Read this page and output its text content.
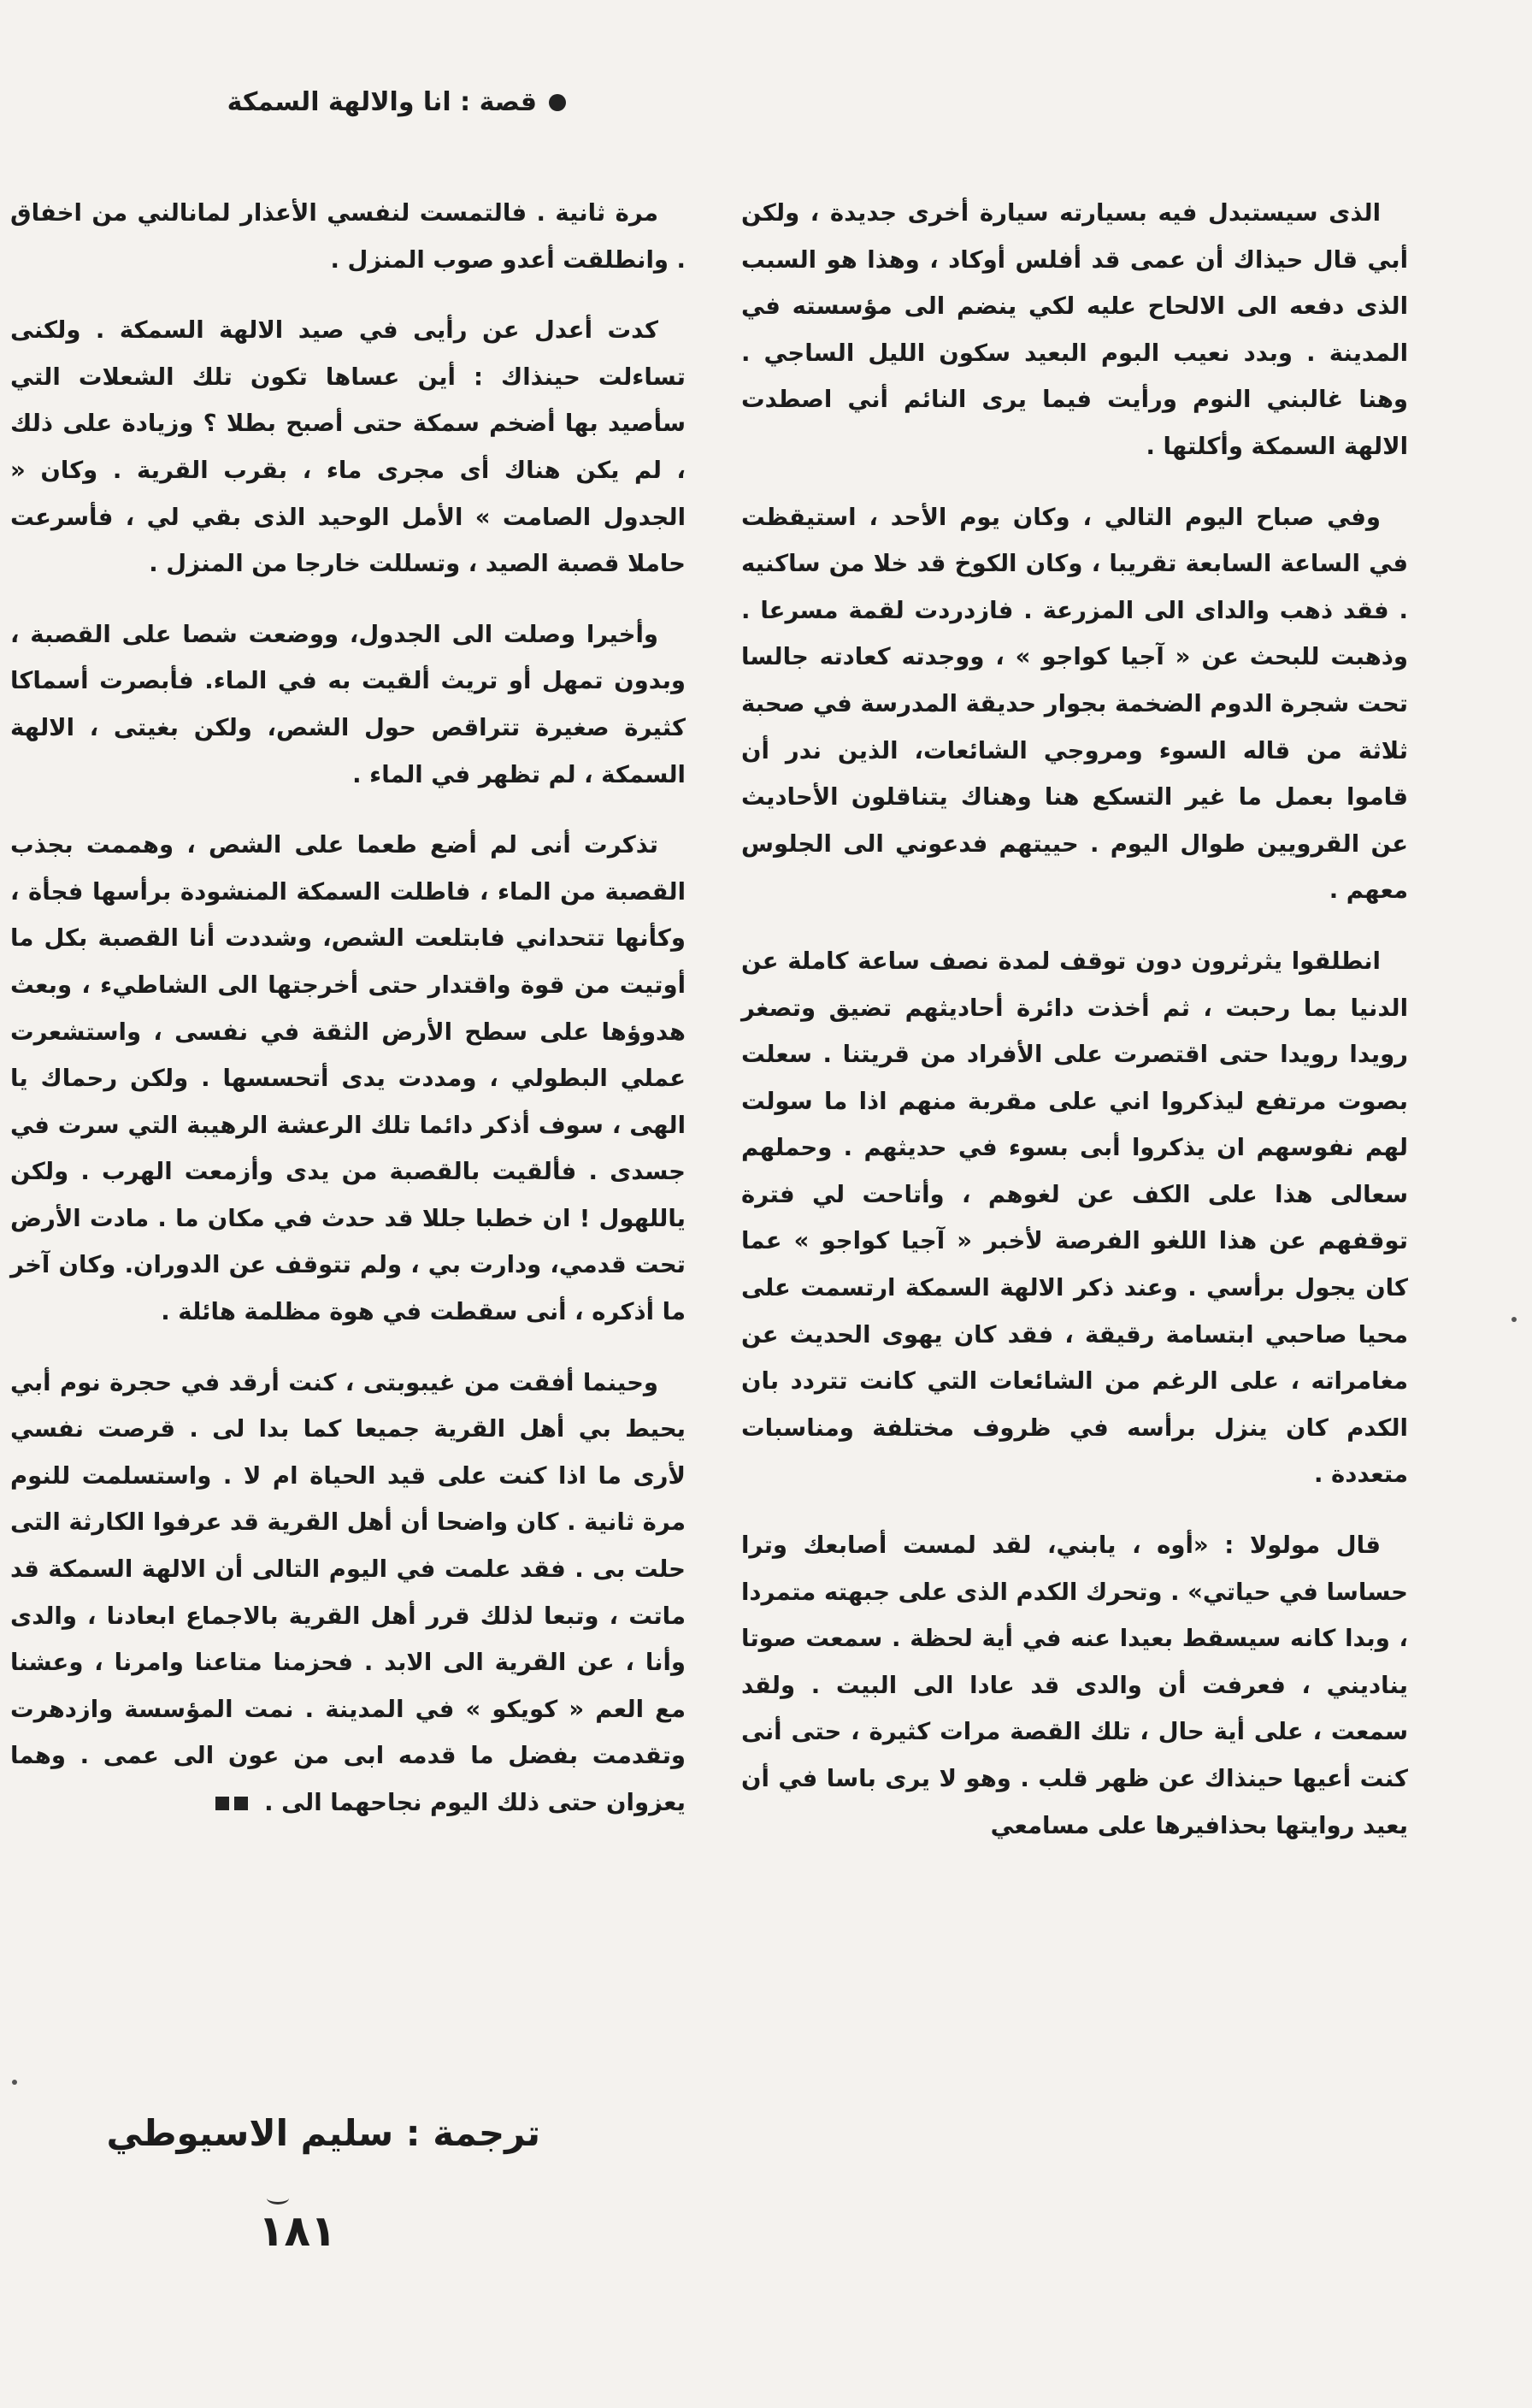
قصة : انا والالهة السمكة

الذى سيستبدل فيه بسيارته سيارة أخرى جديدة ، ولكن أبي قال حيذاك أن عمى قد أفلس أوكاد ، وهذا هو السبب الذى دفعه الى الالحاح عليه لكي ينضم الى مؤسسته في المدينة . وبدد نعيب البوم البعيد سكون الليل الساجي . وهنا غالبني النوم ورأيت فيما يرى النائم أني اصطدت الالهة السمكة وأكلتها .

وفي صباح اليوم التالي ، وكان يوم الأحد ، استيقظت في الساعة السابعة تقريبا ، وكان الكوخ قد خلا من ساكنيه . فقد ذهب والداى الى المزرعة . فازدردت لقمة مسرعا . وذهبت للبحث عن « آجيا كواجو » ، ووجدته كعادته جالسا تحت شجرة الدوم الضخمة بجوار حديقة المدرسة في صحبة ثلاثة من قاله السوء ومروجي الشائعات، الذين ندر أن قاموا بعمل ما غير التسكع هنا وهناك يتناقلون الأحاديث عن القرويين طوال اليوم . حييتهم فدعوني الى الجلوس معهم .

انطلقوا يثرثرون دون توقف لمدة نصف ساعة كاملة عن الدنيا بما رحبت ، ثم أخذت دائرة أحاديثهم تضيق وتصغر رويدا رويدا حتى اقتصرت على الأفراد من قريتنا . سعلت بصوت مرتفع ليذكروا اني على مقربة منهم اذا ما سولت لهم نفوسهم ان يذكروا أبى بسوء في حديثهم . وحملهم سعالى هذا على الكف عن لغوهم ، وأتاحت لي فترة توقفهم عن هذا اللغو الفرصة لأخبر « آجيا كواجو » عما كان يجول برأسي . وعند ذكر الالهة السمكة ارتسمت على محيا صاحبي ابتسامة رقيقة ، فقد كان يهوى الحديث عن مغامراته ، على الرغم من الشائعات التي كانت تتردد بان الكدم كان ينزل برأسه في ظروف مختلفة ومناسبات متعددة .

قال مولولا : «أوه ، يابني، لقد لمست أصابعك وترا حساسا في حياتي» . وتحرك الكدم الذى على جبهته متمردا ، وبدا كانه سيسقط بعيدا عنه في أية لحظة . سمعت صوتا يناديني ، فعرفت أن والدى قد عادا الى البيت . ولقد سمعت ، على أية حال ، تلك القصة مرات كثيرة ، حتى أنى كنت أعيها حينذاك عن ظهر قلب . وهو لا يرى باسا في أن يعيد روايتها بحذافيرها على مسامعي

مرة ثانية . فالتمست لنفسي الأعذار لمانالني من اخفاق . وانطلقت أعدو صوب المنزل .

كدت أعدل عن رأيى في صيد الالهة السمكة . ولكنى تساءلت حينذاك : أين عساها تكون تلك الشعلات التي سأصيد بها أضخم سمكة حتى أصبح بطلا ؟ وزيادة على ذلك ، لم يكن هناك أى مجرى ماء ، بقرب القرية . وكان « الجدول الصامت » الأمل الوحيد الذى بقي لي ، فأسرعت حاملا قصبة الصيد ، وتسللت خارجا من المنزل .

وأخيرا وصلت الى الجدول، ووضعت شصا على القصبة ، وبدون تمهل أو تريث ألقيت به في الماء. فأبصرت أسماكا كثيرة صغيرة تتراقص حول الشص، ولكن بغيتى ، الالهة السمكة ، لم تظهر في الماء .

تذكرت أنى لم أضع طعما على الشص ، وهممت بجذب القصبة من الماء ، فاطلت السمكة المنشودة برأسها فجأة ، وكأنها تتحداني فابتلعت الشص، وشددت أنا القصبة بكل ما أوتيت من قوة واقتدار حتى أخرجتها الى الشاطيء ، وبعث هدوؤها على سطح الأرض الثقة في نفسى ، واستشعرت عملي البطولي ، ومددت يدى أتحسسها . ولكن رحماك يا الهى ، سوف أذكر دائما تلك الرعشة الرهيبة التي سرت في جسدى . فألقيت بالقصبة من يدى وأزمعت الهرب . ولكن ياللهول ! ان خطبا جللا قد حدث في مكان ما . مادت الأرض تحت قدمي، ودارت بي ، ولم تتوقف عن الدوران. وكان آخر ما أذكره ، أنى سقطت في هوة مظلمة هائلة .

وحينما أفقت من غيبوبتى ، كنت أرقد في حجرة نوم أبي يحيط بي أهل القرية جميعا كما بدا لى . قرصت نفسي لأرى ما اذا كنت على قيد الحياة ام لا . واستسلمت للنوم مرة ثانية . كان واضحا أن أهل القرية قد عرفوا الكارثة التى حلت بى . فقد علمت في اليوم التالى أن الالهة السمكة قد ماتت ، وتبعا لذلك قرر أهل القرية بالاجماع ابعادنا ، والدى وأنا ، عن القرية الى الابد . فحزمنا متاعنا وامرنا ، وعشنا مع العم « كويكو » في المدينة . نمت المؤسسة وازدهرت وتقدمت بفضل ما قدمه ابى من عون الى عمى . وهما يعزوان حتى ذلك اليوم نجاحهما الى .

ترجمة : سليم الاسيوطي
١٨١
